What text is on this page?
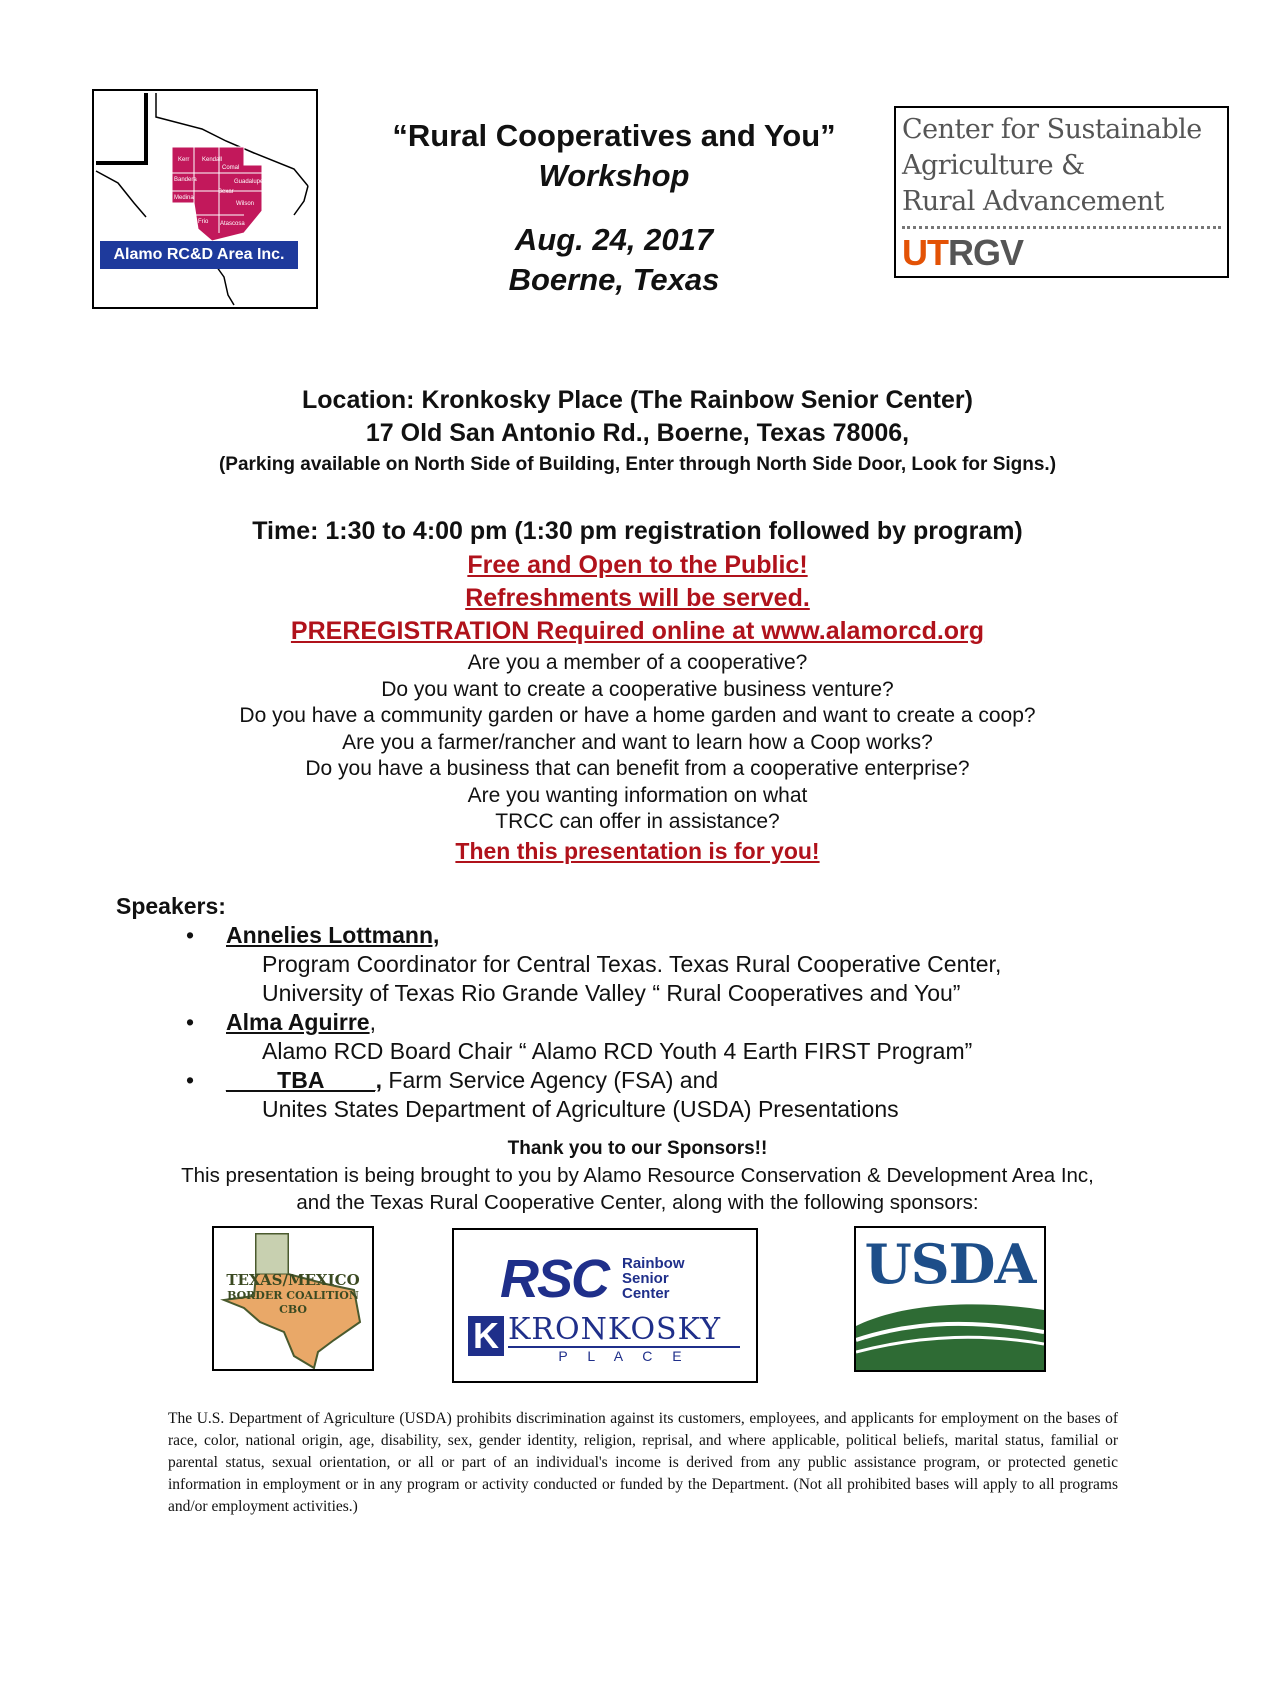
Kerr Kendall
Bandera
Comal
Guadalupe
Bexar
Medina
Wilson
Frio Atascosa
Alamo RC&D Area Inc.
“Rural Cooperatives and You”
Workshop
Aug. 24, 2017
Boerne, Texas
Center for Sustainable
Agriculture &
Rural Advancement
UTRGV
Location: Kronkosky Place (The Rainbow Senior Center)
17 Old San Antonio Rd., Boerne, Texas 78006,
(Parking available on North Side of Building, Enter through North Side Door, Look for Signs.)
Time: 1:30 to 4:00 pm (1:30 pm registration followed by program)
Free and Open to the Public!
Refreshments will be served.
PREREGISTRATION Required online at www.alamorcd.org
Are you a member of a cooperative?
Do you want to create a cooperative business venture?
Do you have a community garden or have a home garden and want to create a coop?
Are you a farmer/rancher and want to learn how a Coop works?
Do you have a business that can benefit from a cooperative enterprise?
Are you wanting information on what
TRCC can offer in assistance?
Then this presentation is for you!
Speakers:
• Annelies Lottmann,
Program Coordinator for Central Texas. Texas Rural Cooperative Center,
University of Texas Rio Grande Valley “ Rural Cooperatives and You”
• Alma Aguirre,
Alamo RCD Board Chair “ Alamo RCD Youth 4 Earth FIRST Program”
• ____TBA____, Farm Service Agency (FSA) and
Unites States Department of Agriculture (USDA) Presentations
Thank you to our Sponsors!!
This presentation is being brought to you by Alamo Resource Conservation & Development Area Inc,
and the Texas Rural Cooperative Center, along with the following sponsors:
TEXAS/MEXICO
BORDER COALITION
CBO
RSC Rainbow
Senior
Center
K KRONKOSKY
P L A C E
USDA
The U.S. Department of Agriculture (USDA) prohibits discrimination against its customers, employees, and applicants for employment on the bases of race, color, national origin, age, disability, sex, gender identity, religion, reprisal, and where applicable, political beliefs, marital status, familial or parental status, sexual orientation, or all or part of an individual's income is derived from any public assistance program, or protected genetic information in employment or in any program or activity conducted or funded by the Department. (Not all prohibited bases will apply to all programs and/or employment activities.)
